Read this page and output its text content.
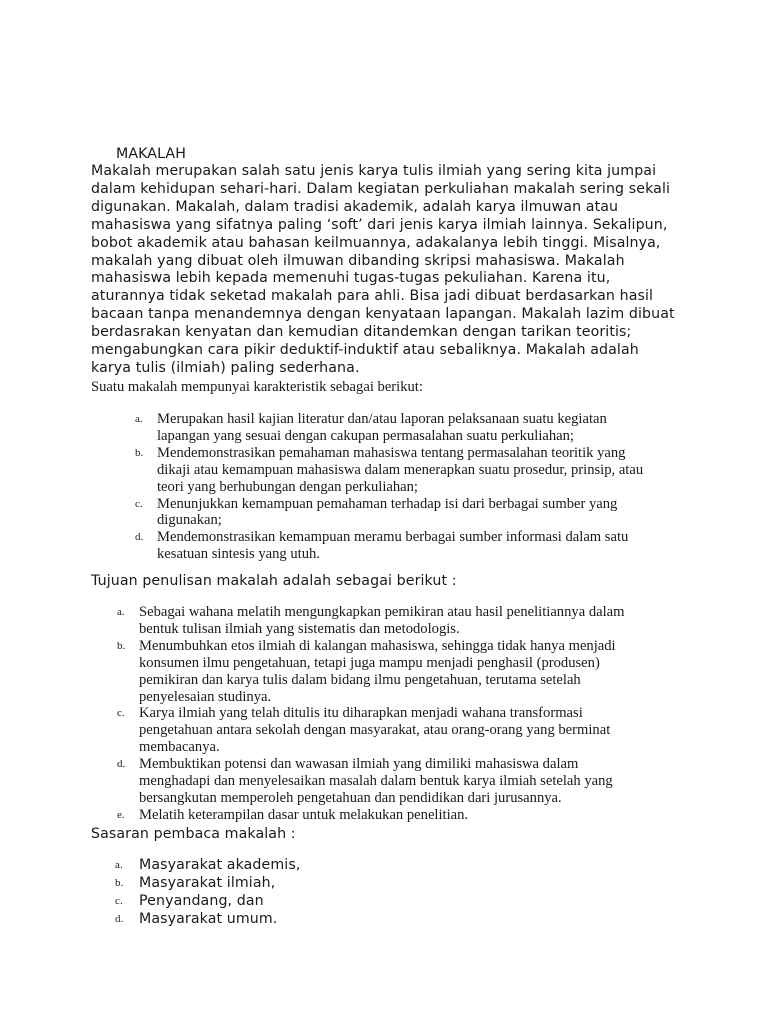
MAKALAH
Makalah merupakan salah satu jenis karya tulis ilmiah yang sering kita jumpai
dalam kehidupan sehari-hari. Dalam kegiatan perkuliahan makalah sering sekali
digunakan. Makalah, dalam tradisi akademik, adalah karya ilmuwan atau
mahasiswa yang sifatnya paling ‘soft’ dari jenis karya ilmiah lainnya. Sekalipun,
bobot akademik atau bahasan keilmuannya, adakalanya lebih tinggi. Misalnya,
makalah yang dibuat oleh ilmuwan dibanding skripsi mahasiswa. Makalah
mahasiswa lebih kepada memenuhi tugas-tugas pekuliahan. Karena itu,
aturannya tidak seketad makalah para ahli. Bisa jadi dibuat berdasarkan hasil
bacaan tanpa menandemnya dengan kenyataan lapangan. Makalah lazim dibuat
berdasrakan kenyatan dan kemudian ditandemkan dengan tarikan teoritis;
mengabungkan cara pikir deduktif-induktif atau sebaliknya. Makalah adalah
karya tulis (ilmiah) paling sederhana.
Suatu makalah mempunyai karakteristik sebagai berikut:
a. Merupakan hasil kajian literatur dan/atau laporan pelaksanaan suatu kegiatan
lapangan yang sesuai dengan cakupan permasalahan suatu perkuliahan;
b. Mendemonstrasikan pemahaman mahasiswa tentang permasalahan teoritik yang
dikaji atau kemampuan mahasiswa dalam menerapkan suatu prosedur, prinsip, atau
teori yang berhubungan dengan perkuliahan;
c. Menunjukkan kemampuan pemahaman terhadap isi dari berbagai sumber yang
digunakan;
d. Mendemonstrasikan kemampuan meramu berbagai sumber informasi dalam satu
kesatuan sintesis yang utuh.
Tujuan penulisan makalah adalah sebagai berikut :
a. Sebagai wahana melatih mengungkapkan pemikiran atau hasil penelitiannya dalam
bentuk tulisan ilmiah yang sistematis dan metodologis.
b. Menumbuhkan etos ilmiah di kalangan mahasiswa, sehingga tidak hanya menjadi
konsumen ilmu pengetahuan, tetapi juga mampu menjadi penghasil (produsen)
pemikiran dan karya tulis dalam bidang ilmu pengetahuan, terutama setelah
penyelesaian studinya.
c. Karya ilmiah yang telah ditulis itu diharapkan menjadi wahana transformasi
pengetahuan antara sekolah dengan masyarakat, atau orang-orang yang berminat
membacanya.
d. Membuktikan potensi dan wawasan ilmiah yang dimiliki mahasiswa dalam
menghadapi dan menyelesaikan masalah dalam bentuk karya ilmiah setelah yang
bersangkutan memperoleh pengetahuan dan pendidikan dari jurusannya.
e. Melatih keterampilan dasar untuk melakukan penelitian.
Sasaran pembaca makalah :
a. Masyarakat akademis,
b. Masyarakat ilmiah,
c. Penyandang, dan
d. Masyarakat umum.
